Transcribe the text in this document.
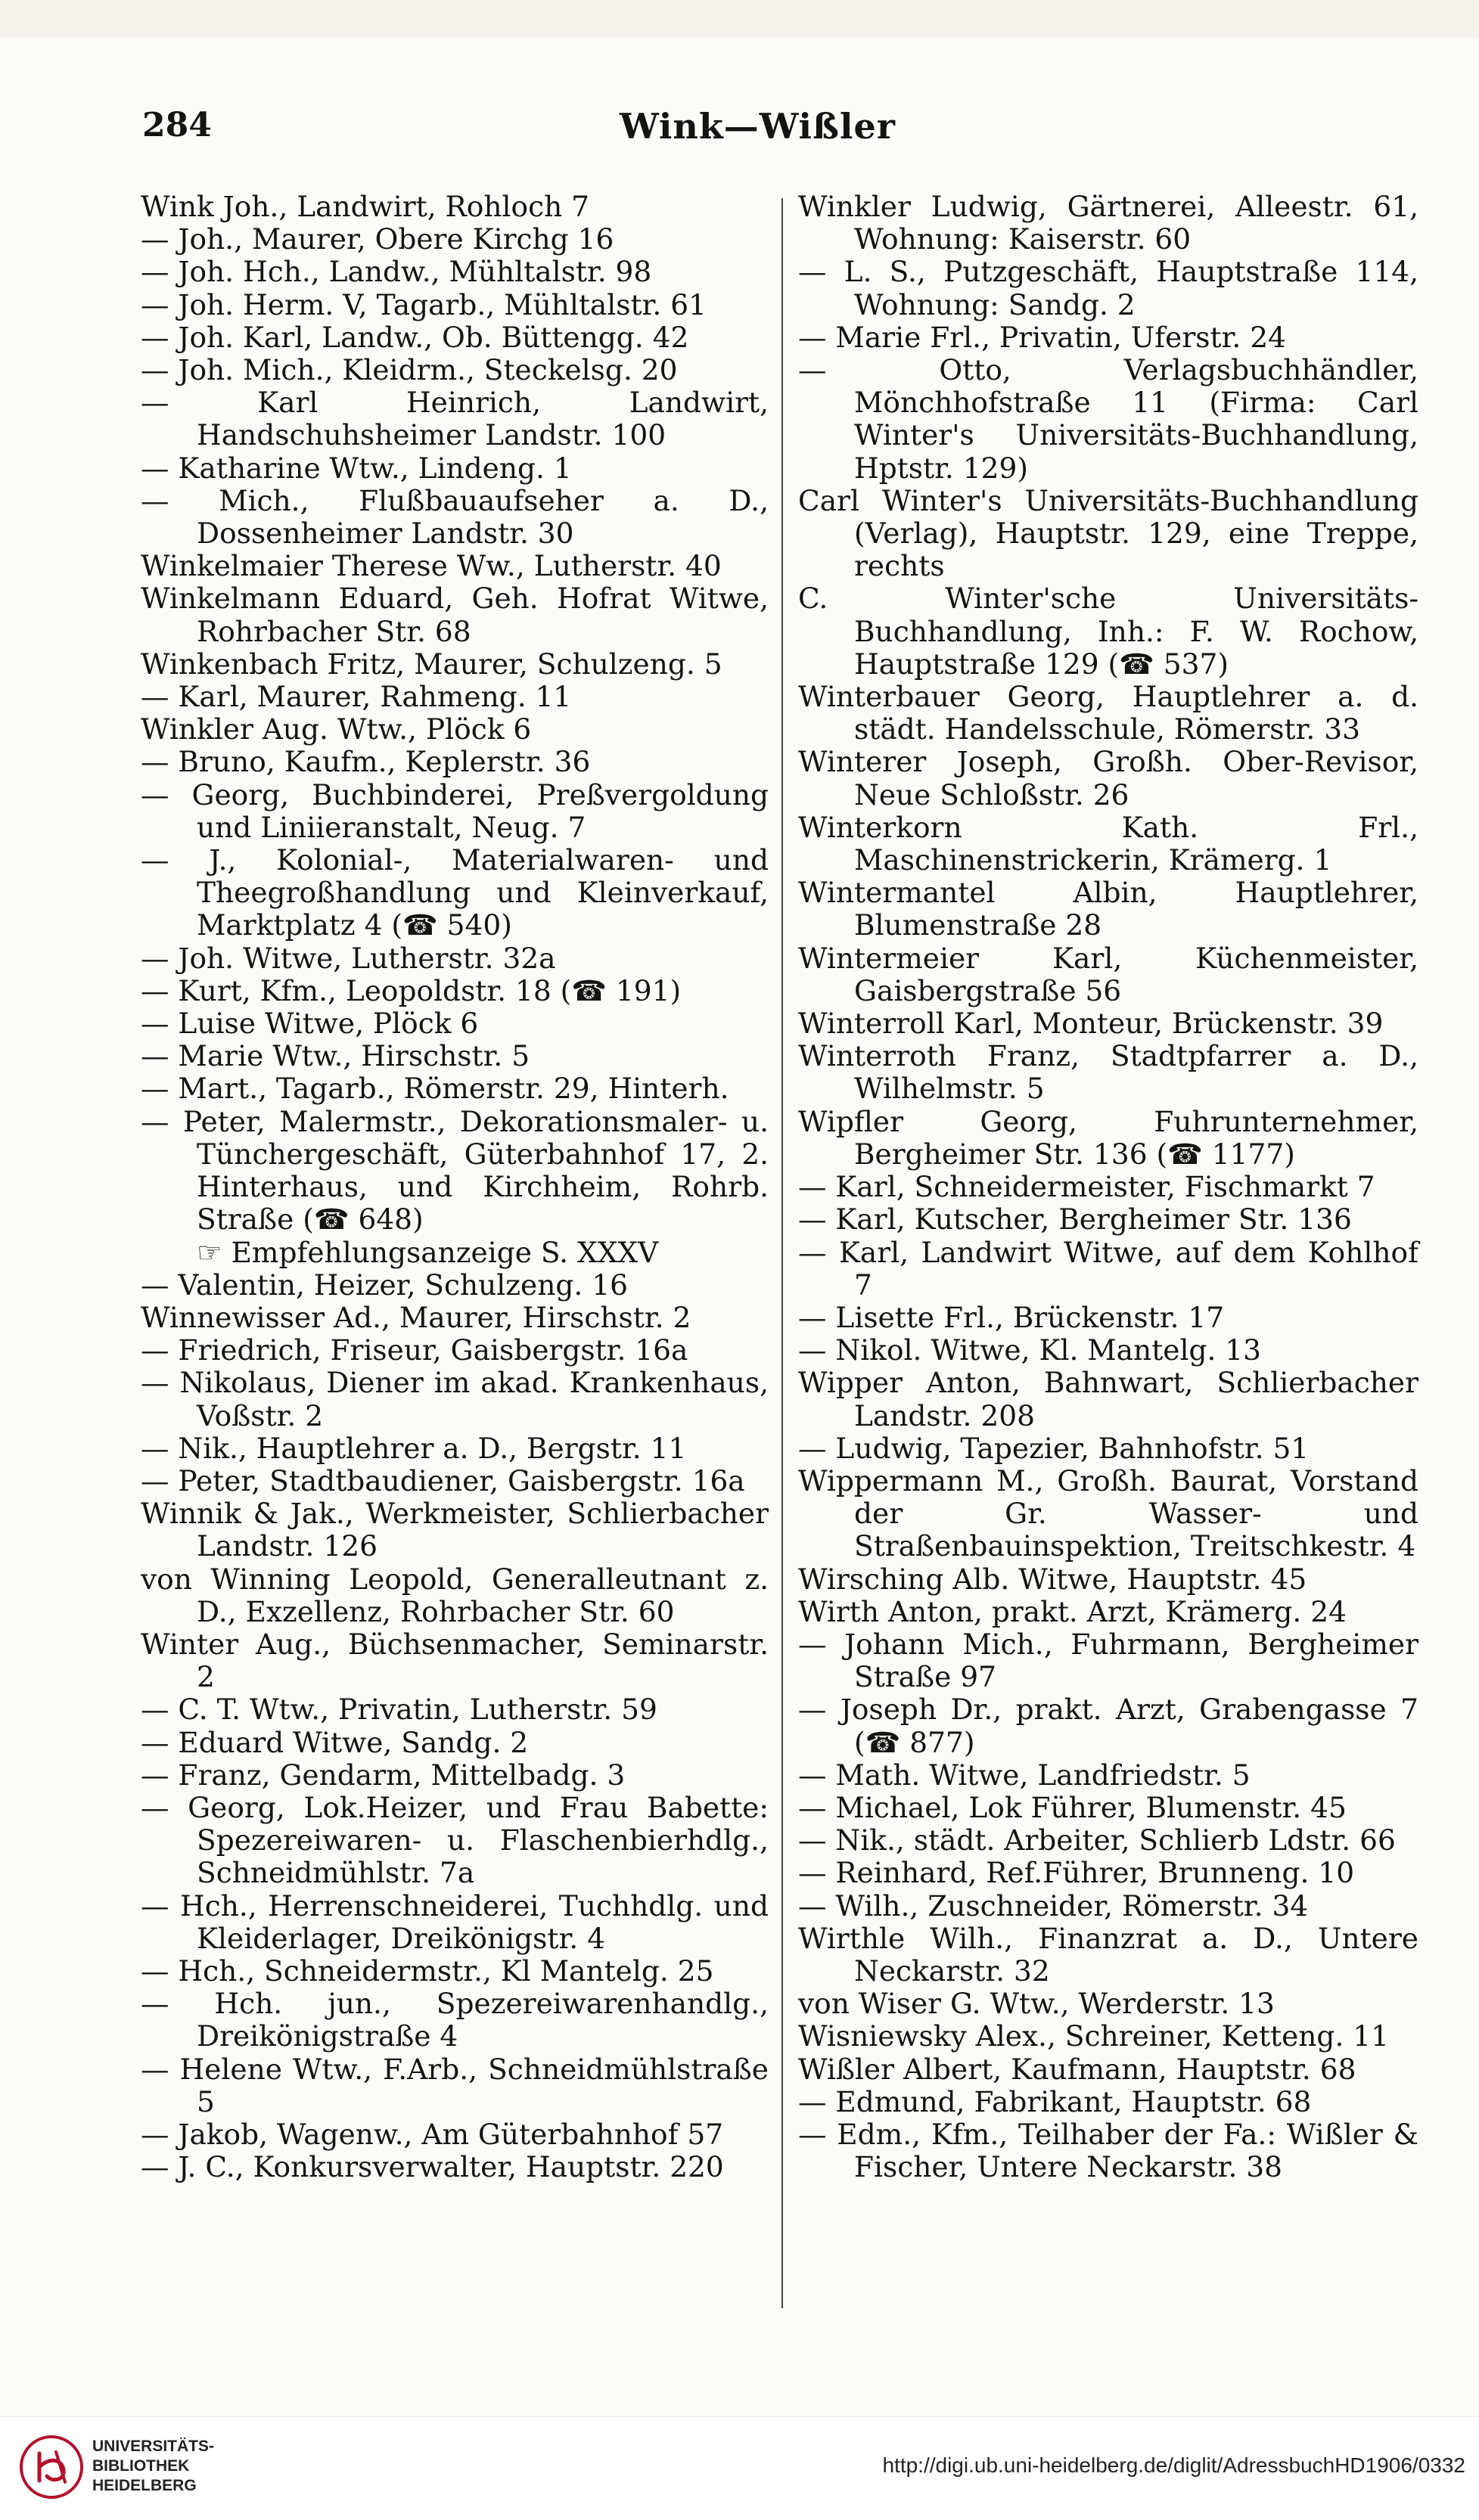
284	Wink—Wißler
Wink Joh., Landwirt, Rohloch 7
— Joh., Maurer, Obere Kirchg 16
— Joh. Hch., Landw., Mühltalstr. 98
— Joh. Herm. V, Tagarb., Mühltalstr. 61
— Joh. Karl, Landw., Ob. Büttengg. 42
— Joh. Mich., Kleidrm., Steckelsg. 20
— Karl Heinrich, Landwirt, Handschuhsheimer Landstr. 100
— Katharine Wtw., Lindeng. 1
— Mich., Flußbauaufseher a. D., Dossenheimer Landstr. 30
Winkelmaier Therese Ww., Lutherstr. 40
Winkelmann Eduard, Geh. Hofrat Witwe, Rohrbacher Str. 68
Winkenbach Fritz, Maurer, Schulzeng. 5
— Karl, Maurer, Rahmeng. 11
Winkler Aug. Wtw., Plöck 6
— Bruno, Kaufm., Keplerstr. 36
— Georg, Buchbinderei, Preßvergoldung und Liniieranstalt, Neug. 7
— J., Kolonial-, Materialwaren- und Theegroßhandlung und Kleinverkauf, Marktplatz 4 (☎ 540)
— Joh. Witwe, Lutherstr. 32a
— Kurt, Kfm., Leopoldstr. 18 (☎ 191)
— Luise Witwe, Plöck 6
— Marie Wtw., Hirschstr. 5
— Mart., Tagarb., Römerstr. 29, Hinterh.
— Peter, Malermstr., Dekorationsmaler- u. Tünchergeschäft, Güterbahnhof 17, 2. Hinterhaus, und Kirchheim, Rohrb. Straße (☎ 648)
☞ Empfehlungsanzeige S. XXXV
— Valentin, Heizer, Schulzeng. 16
Winnewisser Ad., Maurer, Hirschstr. 2
— Friedrich, Friseur, Gaisbergstr. 16a
— Nikolaus, Diener im akad. Krankenhaus, Voßstr. 2
— Nik., Hauptlehrer a. D., Bergstr. 11
— Peter, Stadtbaudiener, Gaisbergstr. 16a
Winnik & Jak., Werkmeister, Schlierbacher Landstr. 126
von Winning Leopold, Generalleutnant z. D., Exzellenz, Rohrbacher Str. 60
Winter Aug., Büchsenmacher, Seminarstr. 2
— C. T. Wtw., Privatin, Lutherstr. 59
— Eduard Witwe, Sandg. 2
— Franz, Gendarm, Mittelbadg. 3
— Georg, Lok.Heizer, und Frau Babette: Spezereiwaren- u. Flaschenbierhdlg., Schneidmühlstr. 7a
— Hch., Herrenschneiderei, Tuchhdlg. und Kleiderlager, Dreikönigstr. 4
— Hch., Schneidermstr., Kl Mantelg. 25
— Hch. jun., Spezereiwarenhandlg., Dreikönigstraße 4
— Helene Wtw., F.Arb., Schneidmühlstraße 5
— Jakob, Wagenw., Am Güterbahnhof 57
— J. C., Konkursverwalter, Hauptstr. 220
Winkler Ludwig, Gärtnerei, Alleestr. 61, Wohnung: Kaiserstr. 60
— L. S., Putzgeschäft, Hauptstraße 114, Wohnung: Sandg. 2
— Marie Frl., Privatin, Uferstr. 24
— Otto, Verlagsbuchhändler, Mönchhofstraße 11 (Firma: Carl Winter's Universitäts-Buchhandlung, Hptstr. 129)
Carl Winter's Universitäts-Buchhandlung (Verlag), Hauptstr. 129, eine Treppe, rechts
C. Winter'sche Universitäts-Buchhandlung, Inh.: F. W. Rochow, Hauptstraße 129 (☎ 537)
Winterbauer Georg, Hauptlehrer a. d. städt. Handelsschule, Römerstr. 33
Winterer Joseph, Großh. Ober-Revisor, Neue Schloßstr. 26
Winterkorn Kath. Frl., Maschinenstrickerin, Krämerg. 1
Wintermantel Albin, Hauptlehrer, Blumenstraße 28
Wintermeier Karl, Küchenmeister, Gaisbergstraße 56
Winterroll Karl, Monteur, Brückenstr. 39
Winterroth Franz, Stadtpfarrer a. D., Wilhelmstr. 5
Wipfler Georg, Fuhrunternehmer, Bergheimer Str. 136 (☎ 1177)
— Karl, Schneidermeister, Fischmarkt 7
— Karl, Kutscher, Bergheimer Str. 136
— Karl, Landwirt Witwe, auf dem Kohlhof 7
— Lisette Frl., Brückenstr. 17
— Nikol. Witwe, Kl. Mantelg. 13
Wipper Anton, Bahnwart, Schlierbacher Landstr. 208
— Ludwig, Tapezier, Bahnhofstr. 51
Wippermann M., Großh. Baurat, Vorstand der Gr. Wasser- und Straßenbauinspektion, Treitschkestr. 4
Wirsching Alb. Witwe, Hauptstr. 45
Wirth Anton, prakt. Arzt, Krämerg. 24
— Johann Mich., Fuhrmann, Bergheimer Straße 97
— Joseph Dr., prakt. Arzt, Grabengasse 7 (☎ 877)
— Math. Witwe, Landfriedstr. 5
— Michael, Lok Führer, Blumenstr. 45
— Nik., städt. Arbeiter, Schlierb Ldstr. 66
— Reinhard, Ref.Führer, Brunneng. 10
— Wilh., Zuschneider, Römerstr. 34
Wirthle Wilh., Finanzrat a. D., Untere Neckarstr. 32
von Wiser G. Wtw., Werderstr. 13
Wisniewsky Alex., Schreiner, Ketteng. 11
Wißler Albert, Kaufmann, Hauptstr. 68
— Edmund, Fabrikant, Hauptstr. 68
— Edm., Kfm., Teilhaber der Fa.: Wißler & Fischer, Untere Neckarstr. 38
UNIVERSITÄTS-
BIBLIOTHEK
HEIDELBERG
http://digi.ub.uni-heidelberg.de/diglit/AdressbuchHD1906/0332
